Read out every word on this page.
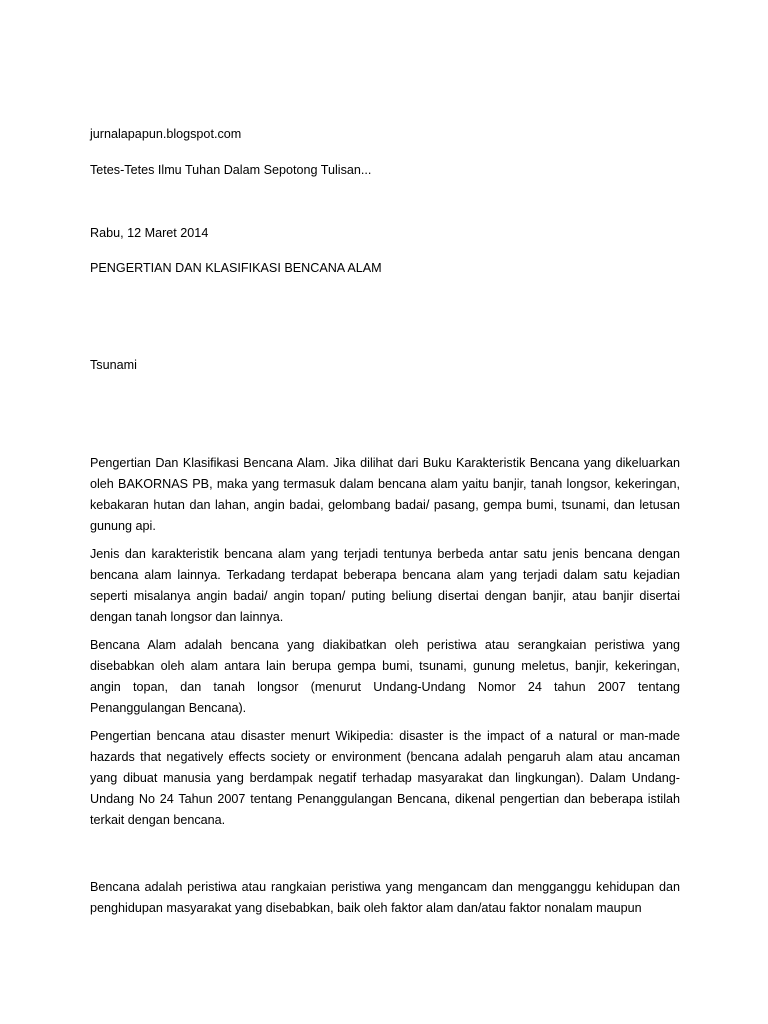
jurnalapapun.blogspot.com

Tetes-Tetes Ilmu Tuhan Dalam Sepotong Tulisan...

Rabu, 12 Maret 2014

PENGERTIAN DAN KLASIFIKASI BENCANA ALAM

Tsunami

Pengertian Dan Klasifikasi Bencana Alam. Jika dilihat dari Buku Karakteristik Bencana yang dikeluarkan oleh BAKORNAS PB, maka yang termasuk dalam bencana alam yaitu banjir, tanah longsor, kekeringan, kebakaran hutan dan lahan, angin badai, gelombang badai/ pasang, gempa bumi, tsunami, dan letusan gunung api.

Jenis dan karakteristik bencana alam yang terjadi tentunya berbeda antar satu jenis bencana dengan bencana alam lainnya. Terkadang terdapat beberapa bencana alam yang terjadi dalam satu kejadian seperti misalanya angin badai/ angin topan/ puting beliung disertai dengan banjir, atau banjir disertai dengan tanah longsor dan lainnya.

Bencana Alam adalah bencana yang diakibatkan oleh peristiwa atau serangkaian peristiwa yang disebabkan oleh alam antara lain berupa gempa bumi, tsunami, gunung meletus, banjir, kekeringan, angin topan, dan tanah longsor (menurut Undang-Undang Nomor 24 tahun 2007 tentang Penanggulangan Bencana).

Pengertian bencana atau disaster menurt Wikipedia: disaster is the impact of a natural or man-made hazards that negatively effects society or environment (bencana adalah pengaruh alam atau ancaman yang dibuat manusia yang berdampak negatif terhadap masyarakat dan lingkungan). Dalam Undang-Undang No 24 Tahun 2007 tentang Penanggulangan Bencana, dikenal pengertian dan beberapa istilah terkait dengan bencana.

Bencana adalah peristiwa atau rangkaian peristiwa yang mengancam dan mengganggu kehidupan dan penghidupan masyarakat yang disebabkan, baik oleh faktor alam dan/atau faktor nonalam maupun
